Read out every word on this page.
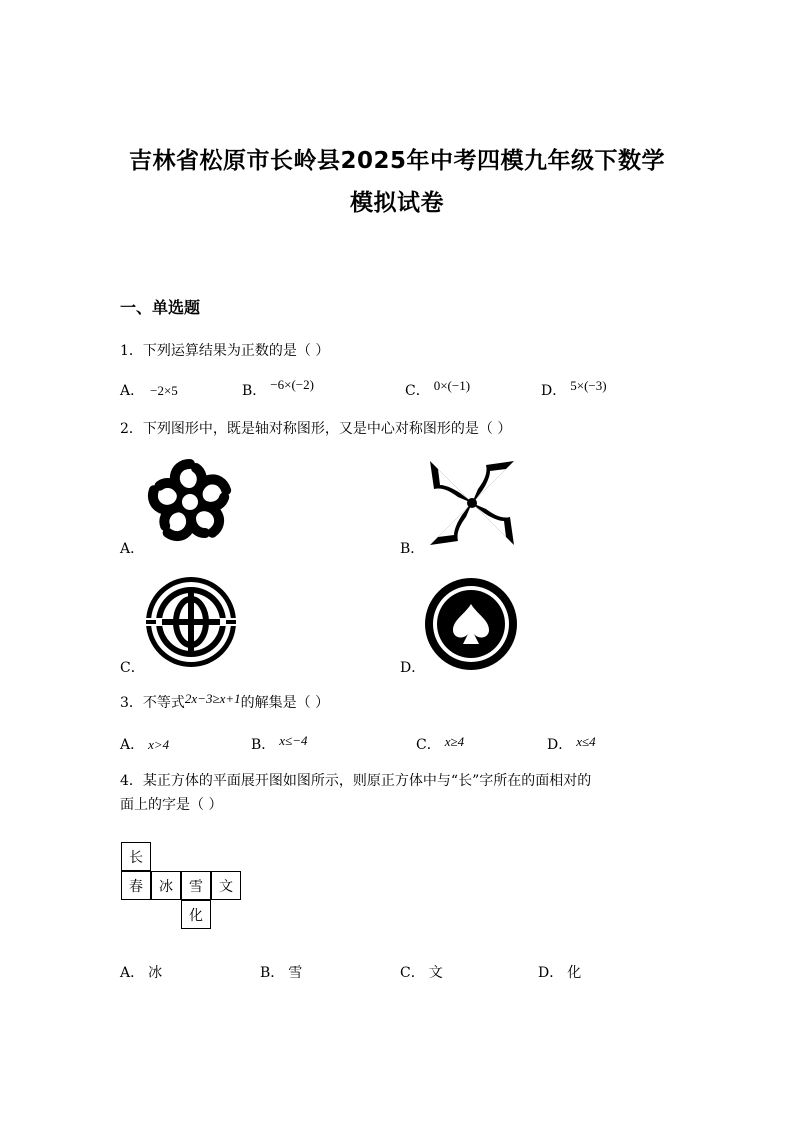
吉林省松原市长岭县2025年中考四模九年级下数学
模拟试卷
一、单选题
1．下列运算结果为正数的是（ ）
A． −2×5	B． −6×(−2)	C． 0×(−1)	D． 5×(−3)
2．下列图形中，既是轴对称图形，又是中心对称图形的是（ ）
A．	B．
C．	D．
3．不等式2x−3≥x+1的解集是（ ）
A． x>4	B． x≤−4	C． x≥4	D． x≤4
4．某正方体的平面展开图如图所示，则原正方体中与“长”字所在的面相对的
面上的字是（ ）
长
春	冰	雪	文
化
A． 冰	B． 雪	C． 文	D． 化
